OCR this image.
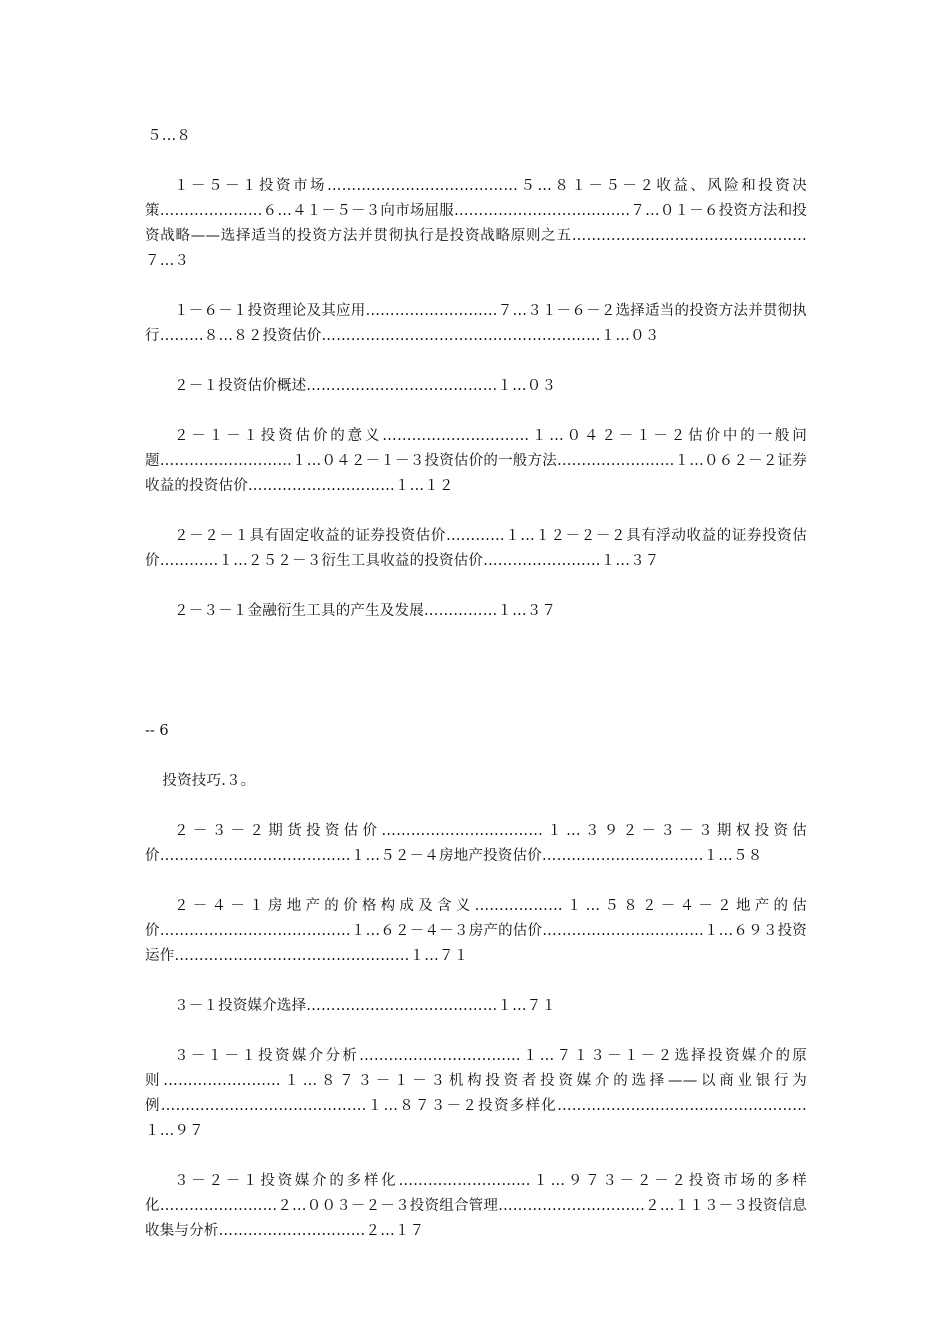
５…８
１－５－１投资市场…………………………………５…８１－５－２收益、风险和投资决策…………………６…４１－５－３向市场屈服………………………………７…０１－６投资方法和投资战略——选择适当的投资方法并贯彻执行是投资战略原则之五…………………………………………７…３
１－６－１投资理论及其应用………………………７…３１－６－２选择适当的投资方法并贯彻执行………８…８２投资估价…………………………………………………１…０３
２－１投资估价概述…………………………………１…０３
２－１－１投资估价的意义…………………………１…０４２－１－２估价中的一般问题………………………１…０４２－１－３投资估价的一般方法……………………１…０６２－２证券收益的投资估价…………………………１…１２
２－２－１具有固定收益的证券投资估价…………１…１２－２－２具有浮动收益的证券投资估价…………１…２５２－３衍生工具收益的投资估价……………………１…３７
２－３－１金融衍生工具的产生及发展……………１…３７
-- 6
投资技巧.３。
２－３－２期货投资估价……………………………１…３９２－３－３期权投资估价…………………………………１…５２－４房地产投资估价……………………………１…５８
２－４－１房地产的价格构成及含义………………１…５８２－４－２地产的估价…………………………………１…６２－４－３房产的估价……………………………１…６９３投资运作…………………………………………１…７１
３－１投资媒介选择…………………………………１…７１
３－１－１投资媒介分析……………………………１…７１３－１－２选择投资媒介的原则……………………１…８７３－１－３机构投资者投资媒介的选择——以商业银行为例……………………………………１…８７３－２投资多样化……………………………………………１…９７
３－２－１投资媒介的多样化………………………１…９７３－２－２投资市场的多样化……………………２…００３－２－３投资组合管理…………………………２…１１３－３投资信息收集与分析…………………………２…１７
